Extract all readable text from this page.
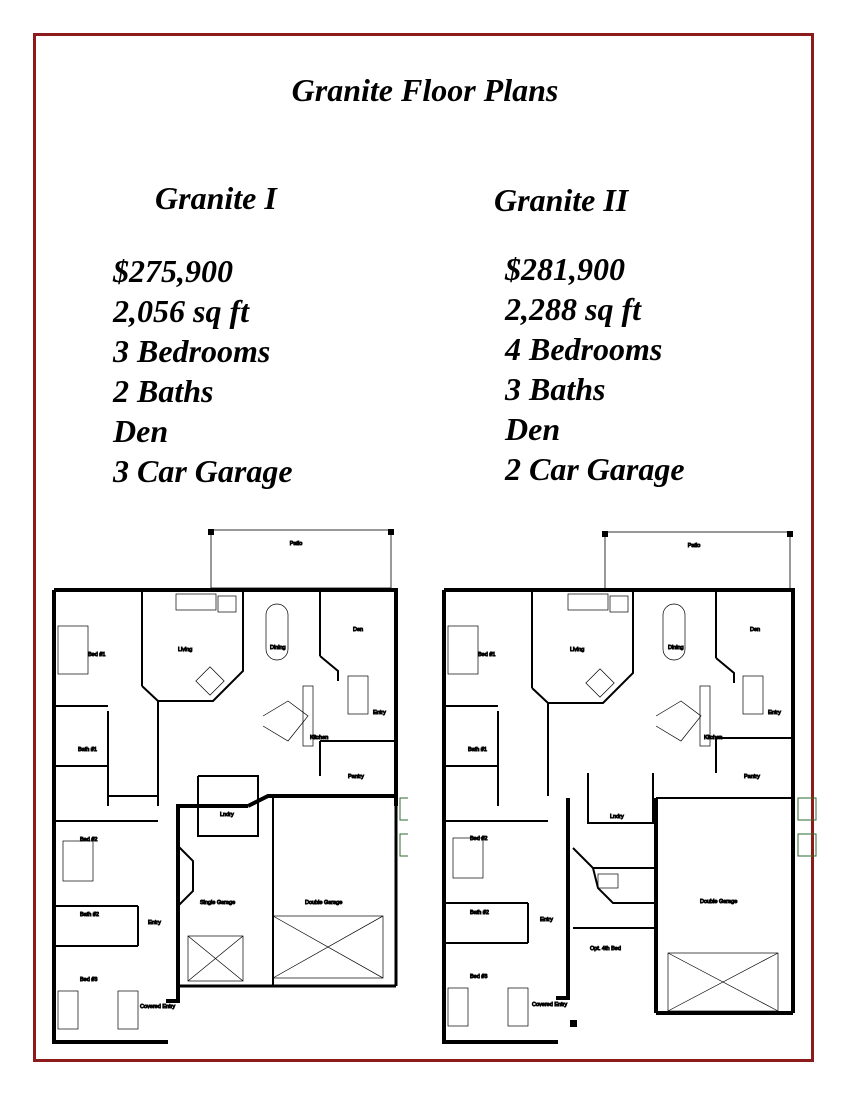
Granite Floor Plans
Granite I	Granite II
$275,900
2,056 sq ft
3 Bedrooms
2 Baths
Den
3 Car Garage
$281,900
2,288 sq ft
4 Bedrooms
3 Baths
Den
2 Car Garage
Patio
Bed #1
Living	Dining
Den
Bath #1
Kitchen
Entry
Pantry
Lndry
Bed #2
Bath #2
Entry
Single Garage	Double Garage
Bed #3
Covered Entry
Patio
Bed #1
Living	Dining
Den
Bath #1
Kitchen
Entry
Pantry
Lndry
Bed #2
Bath #2
Entry
Opt. 4th Bed
Double Garage
Bed #3
Covered Entry
